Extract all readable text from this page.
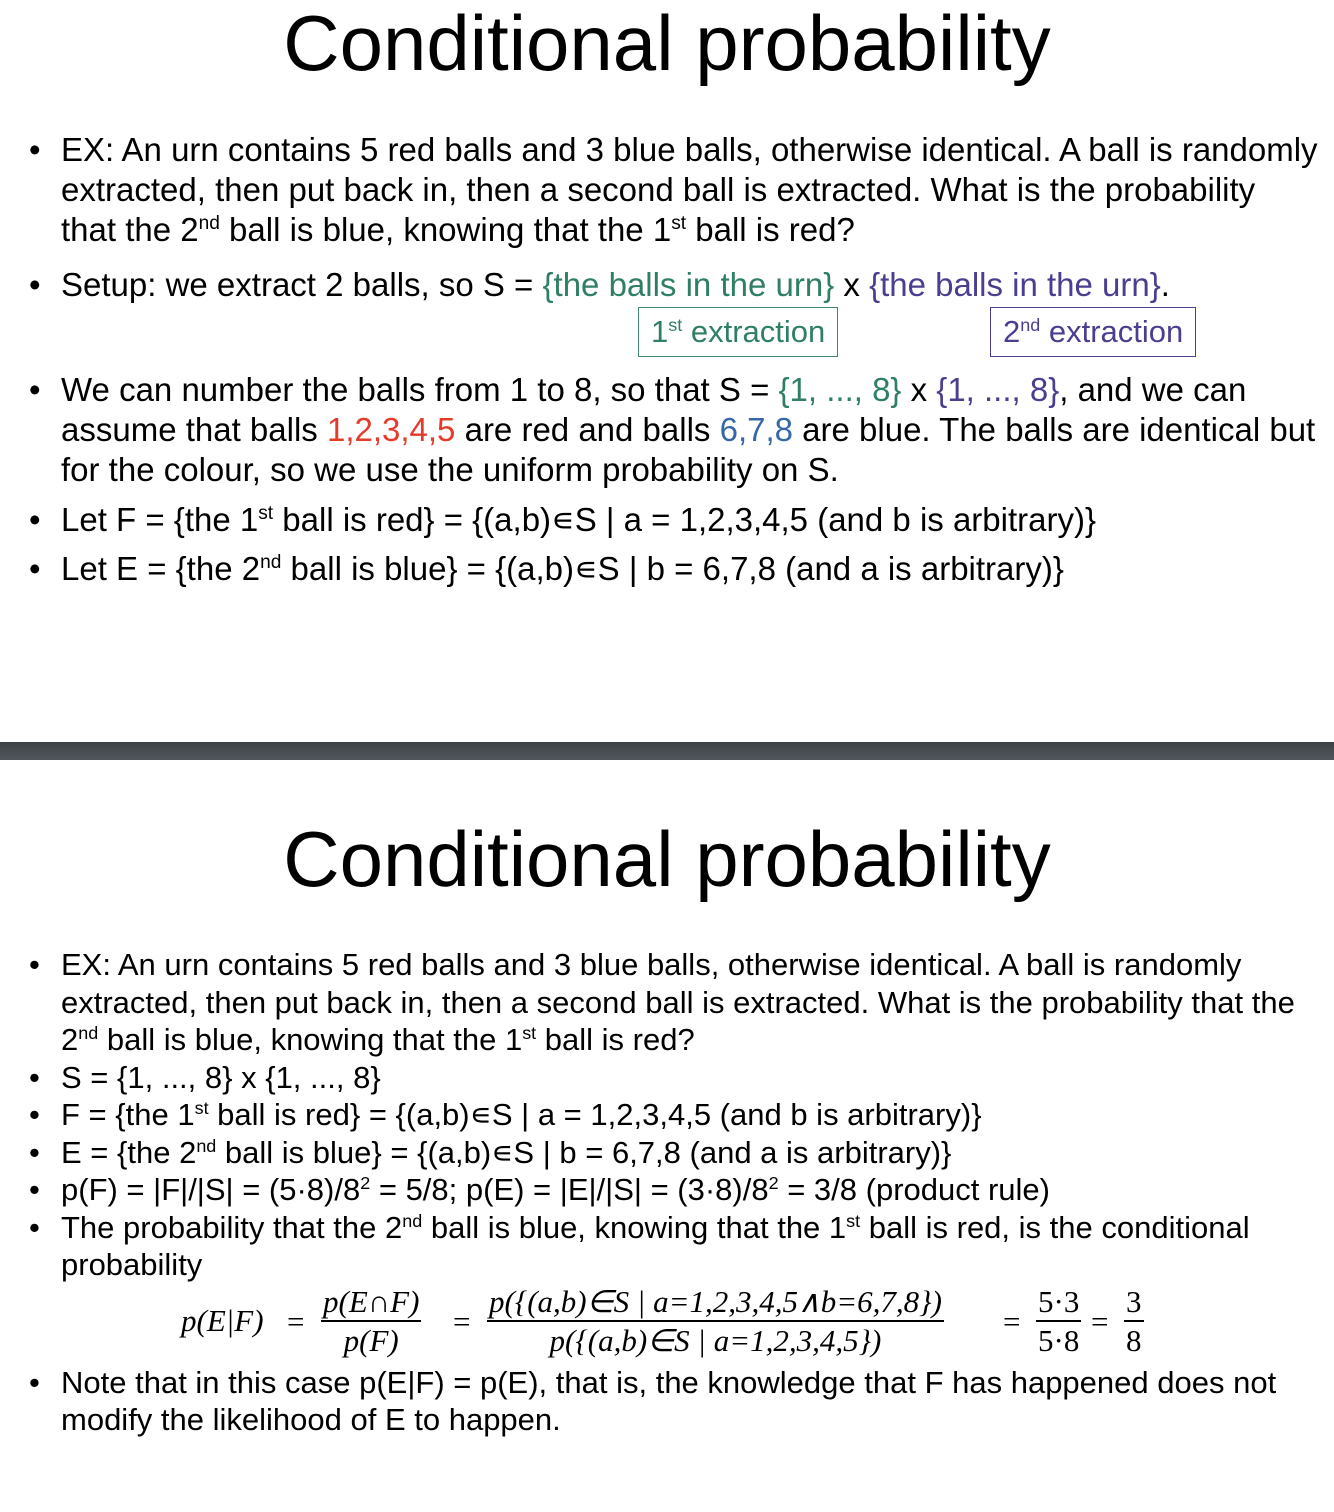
Conditional probability
• EX: An urn contains 5 red balls and 3 blue balls, otherwise identical. A ball is randomly extracted, then put back in, then a second ball is extracted. What is the probability that the 2nd ball is blue, knowing that the 1st ball is red?
• Setup: we extract 2 balls, so S = {the balls in the urn} x {the balls in the urn}.
1st extraction	2nd extraction
• We can number the balls from 1 to 8, so that S = {1, ..., 8} x {1, ..., 8}, and we can assume that balls 1,2,3,4,5 are red and balls 6,7,8 are blue. The balls are identical but for the colour, so we use the uniform probability on S.
• Let F = {the 1st ball is red} = {(a,b)∊S | a = 1,2,3,4,5 (and b is arbitrary)}
• Let E = {the 2nd ball is blue} = {(a,b)∊S | b = 6,7,8 (and a is arbitrary)}
Conditional probability
• EX: An urn contains 5 red balls and 3 blue balls, otherwise identical. A ball is randomly extracted, then put back in, then a second ball is extracted. What is the probability that the 2nd ball is blue, knowing that the 1st ball is red?
• S = {1, ..., 8} x {1, ..., 8}
• F = {the 1st ball is red} = {(a,b)∊S | a = 1,2,3,4,5 (and b is arbitrary)}
• E = {the 2nd ball is blue} = {(a,b)∊S | b = 6,7,8 (and a is arbitrary)}
• $p(F) = |F|/|S| = (5\cdot 8)/8^2 = 5/8$; $p(E) = |E|/|S| = (3\cdot 8)/8^2 = 3/8$ (product rule)
• The probability that the 2nd ball is blue, knowing that the 1st ball is red, is the conditional probability
$p(E|F) = \frac{p(E\cap F)}{p(F)} = \frac{p(\{(a,b)\in S | a=1,2,3,4,5\wedge b=6,7,8\})}{p(\{(a,b)\in S | a=1,2,3,4,5\})} = \frac{5\cdot 3}{5\cdot 8} = \frac{3}{8}$
• Note that in this case p(E|F) = p(E), that is, the knowledge that F has happened does not modify the likelihood of E to happen.
